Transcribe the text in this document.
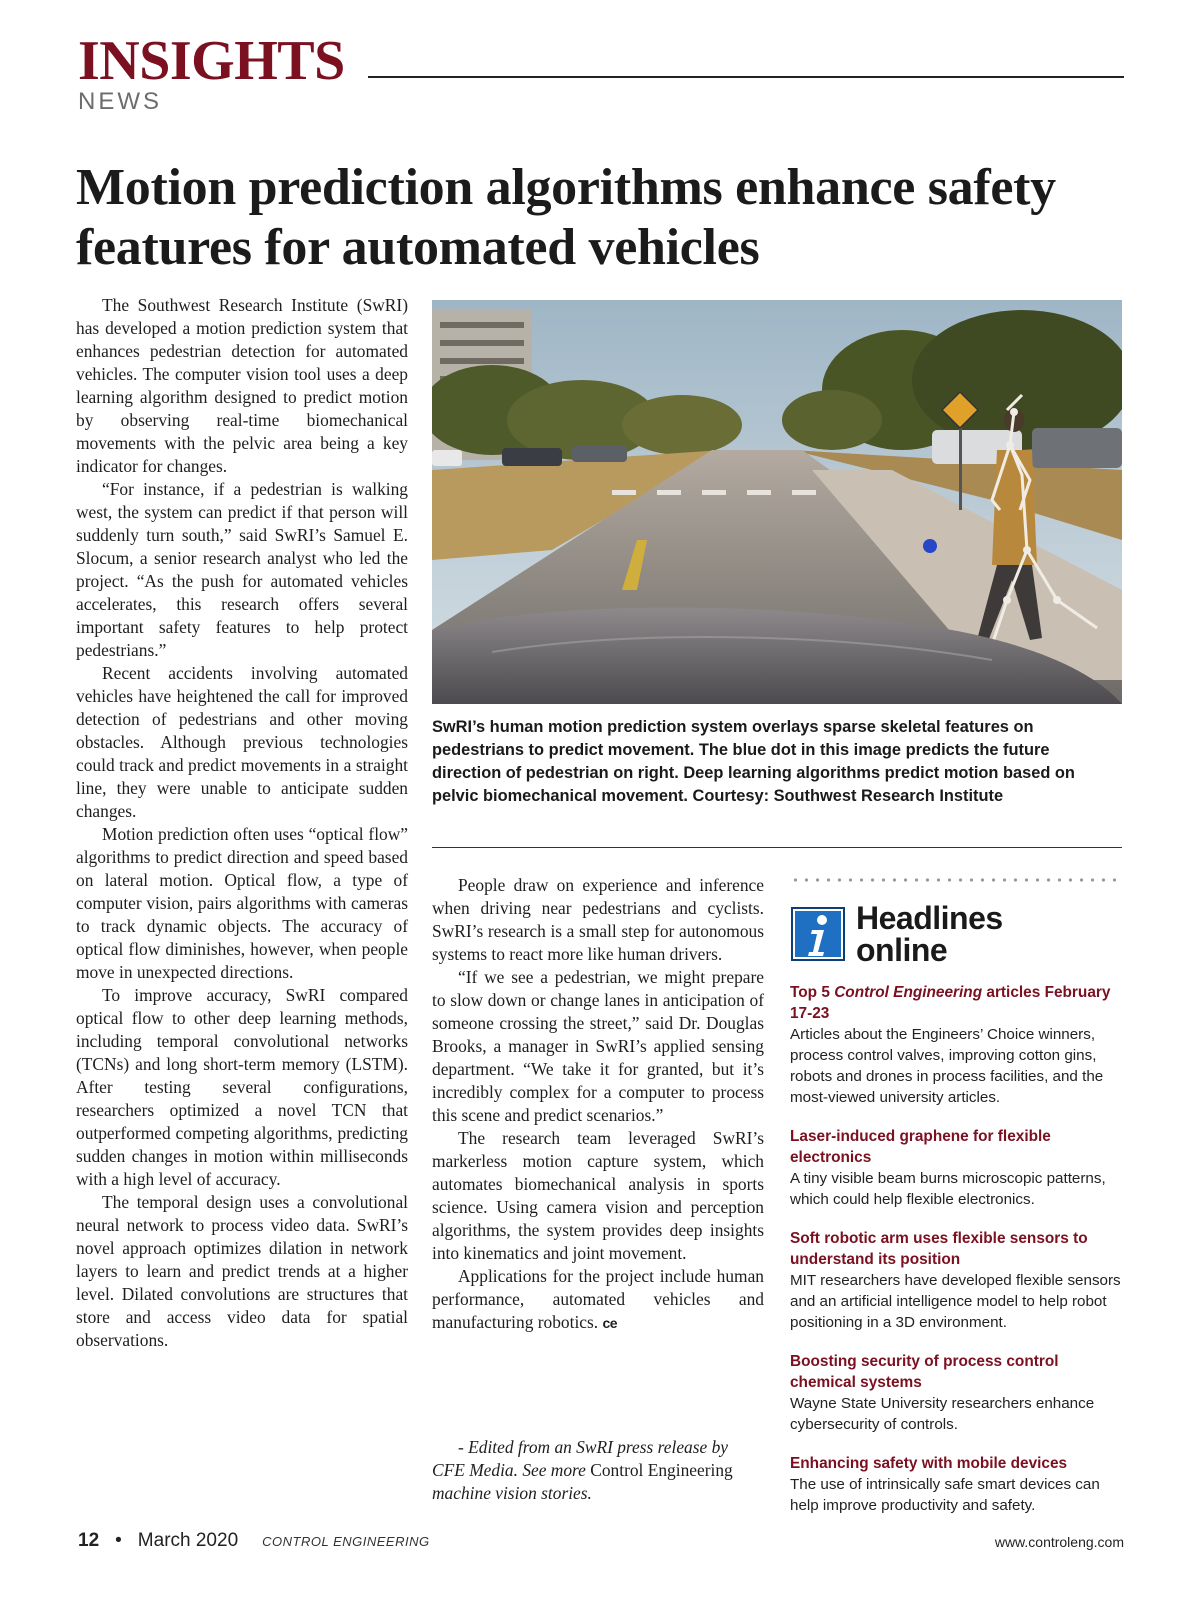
INSIGHTS
NEWS
Motion prediction algorithms enhance safety features for automated vehicles

The Southwest Research Institute (SwRI) has developed a motion prediction system that enhances pedestrian detection for automated vehicles. The computer vision tool uses a deep learning algorithm designed to predict motion by observing real-time biomechanical movements with the pelvic area being a key indicator for changes.

“For instance, if a pedestrian is walking west, the system can predict if that person will suddenly turn south,” said SwRI’s Samuel E. Slocum, a senior research analyst who led the project. “As the push for automated vehicles accelerates, this research offers several important safety features to help protect pedestrians.”

Recent accidents involving automated vehicles have heightened the call for improved detection of pedestrians and other moving obstacles. Although previous technologies could track and predict movements in a straight line, they were unable to anticipate sudden changes.

Motion prediction often uses “optical flow” algorithms to predict direction and speed based on lateral motion. Optical flow, a type of computer vision, pairs algorithms with cameras to track dynamic objects. The accuracy of optical flow diminishes, however, when people move in unexpected directions.

To improve accuracy, SwRI compared optical flow to other deep learning methods, including temporal convolutional networks (TCNs) and long short-term memory (LSTM). After testing several configurations, researchers optimized a novel TCN that outperformed competing algorithms, predicting sudden changes in motion within milliseconds with a high level of accuracy.

The temporal design uses a convolutional neural network to process video data. SwRI’s novel approach optimizes dilation in network layers to learn and predict trends at a higher level. Dilated convolutions are structures that store and access video data for spatial observations.

SwRI’s human motion prediction system overlays sparse skeletal features on pedestrians to predict movement. The blue dot in this image predicts the future direction of pedestrian on right. Deep learning algorithms predict motion based on pelvic biomechanical movement. Courtesy: Southwest Research Institute

People draw on experience and inference when driving near pedestrians and cyclists. SwRI’s research is a small step for autonomous systems to react more like human drivers.

“If we see a pedestrian, we might prepare to slow down or change lanes in anticipation of someone crossing the street,” said Dr. Douglas Brooks, a manager in SwRI’s applied sensing department. “We take it for granted, but it’s incredibly complex for a computer to process this scene and predict scenarios.”

The research team leveraged SwRI’s markerless motion capture system, which automates biomechanical analysis in sports science. Using camera vision and perception algorithms, the system provides deep insights into kinematics and joint movement.

Applications for the project include human performance, automated vehicles and manufacturing robotics. ce

- Edited from an SwRI press release by CFE Media. See more Control Engineering machine vision stories.
Headlines
online
Top 5 Control Engineering articles February 17-23
Articles about the Engineers’ Choice winners, process control valves, improving cotton gins, robots and drones in process facilities, and the most-viewed university articles.
Laser-induced graphene for flexible electronics
A tiny visible beam burns microscopic patterns, which could help flexible electronics.
Soft robotic arm uses flexible sensors to understand its position
MIT researchers have developed flexible sensors and an artificial intelligence model to help robot positioning in a 3D environment.
Boosting security of process control chemical systems
Wayne State University researchers enhance cybersecurity of controls.
Enhancing safety with mobile devices
The use of intrinsically safe smart devices can help improve productivity and safety.
12 • March 2020 CONTROL ENGINEERING	www.controleng.com
